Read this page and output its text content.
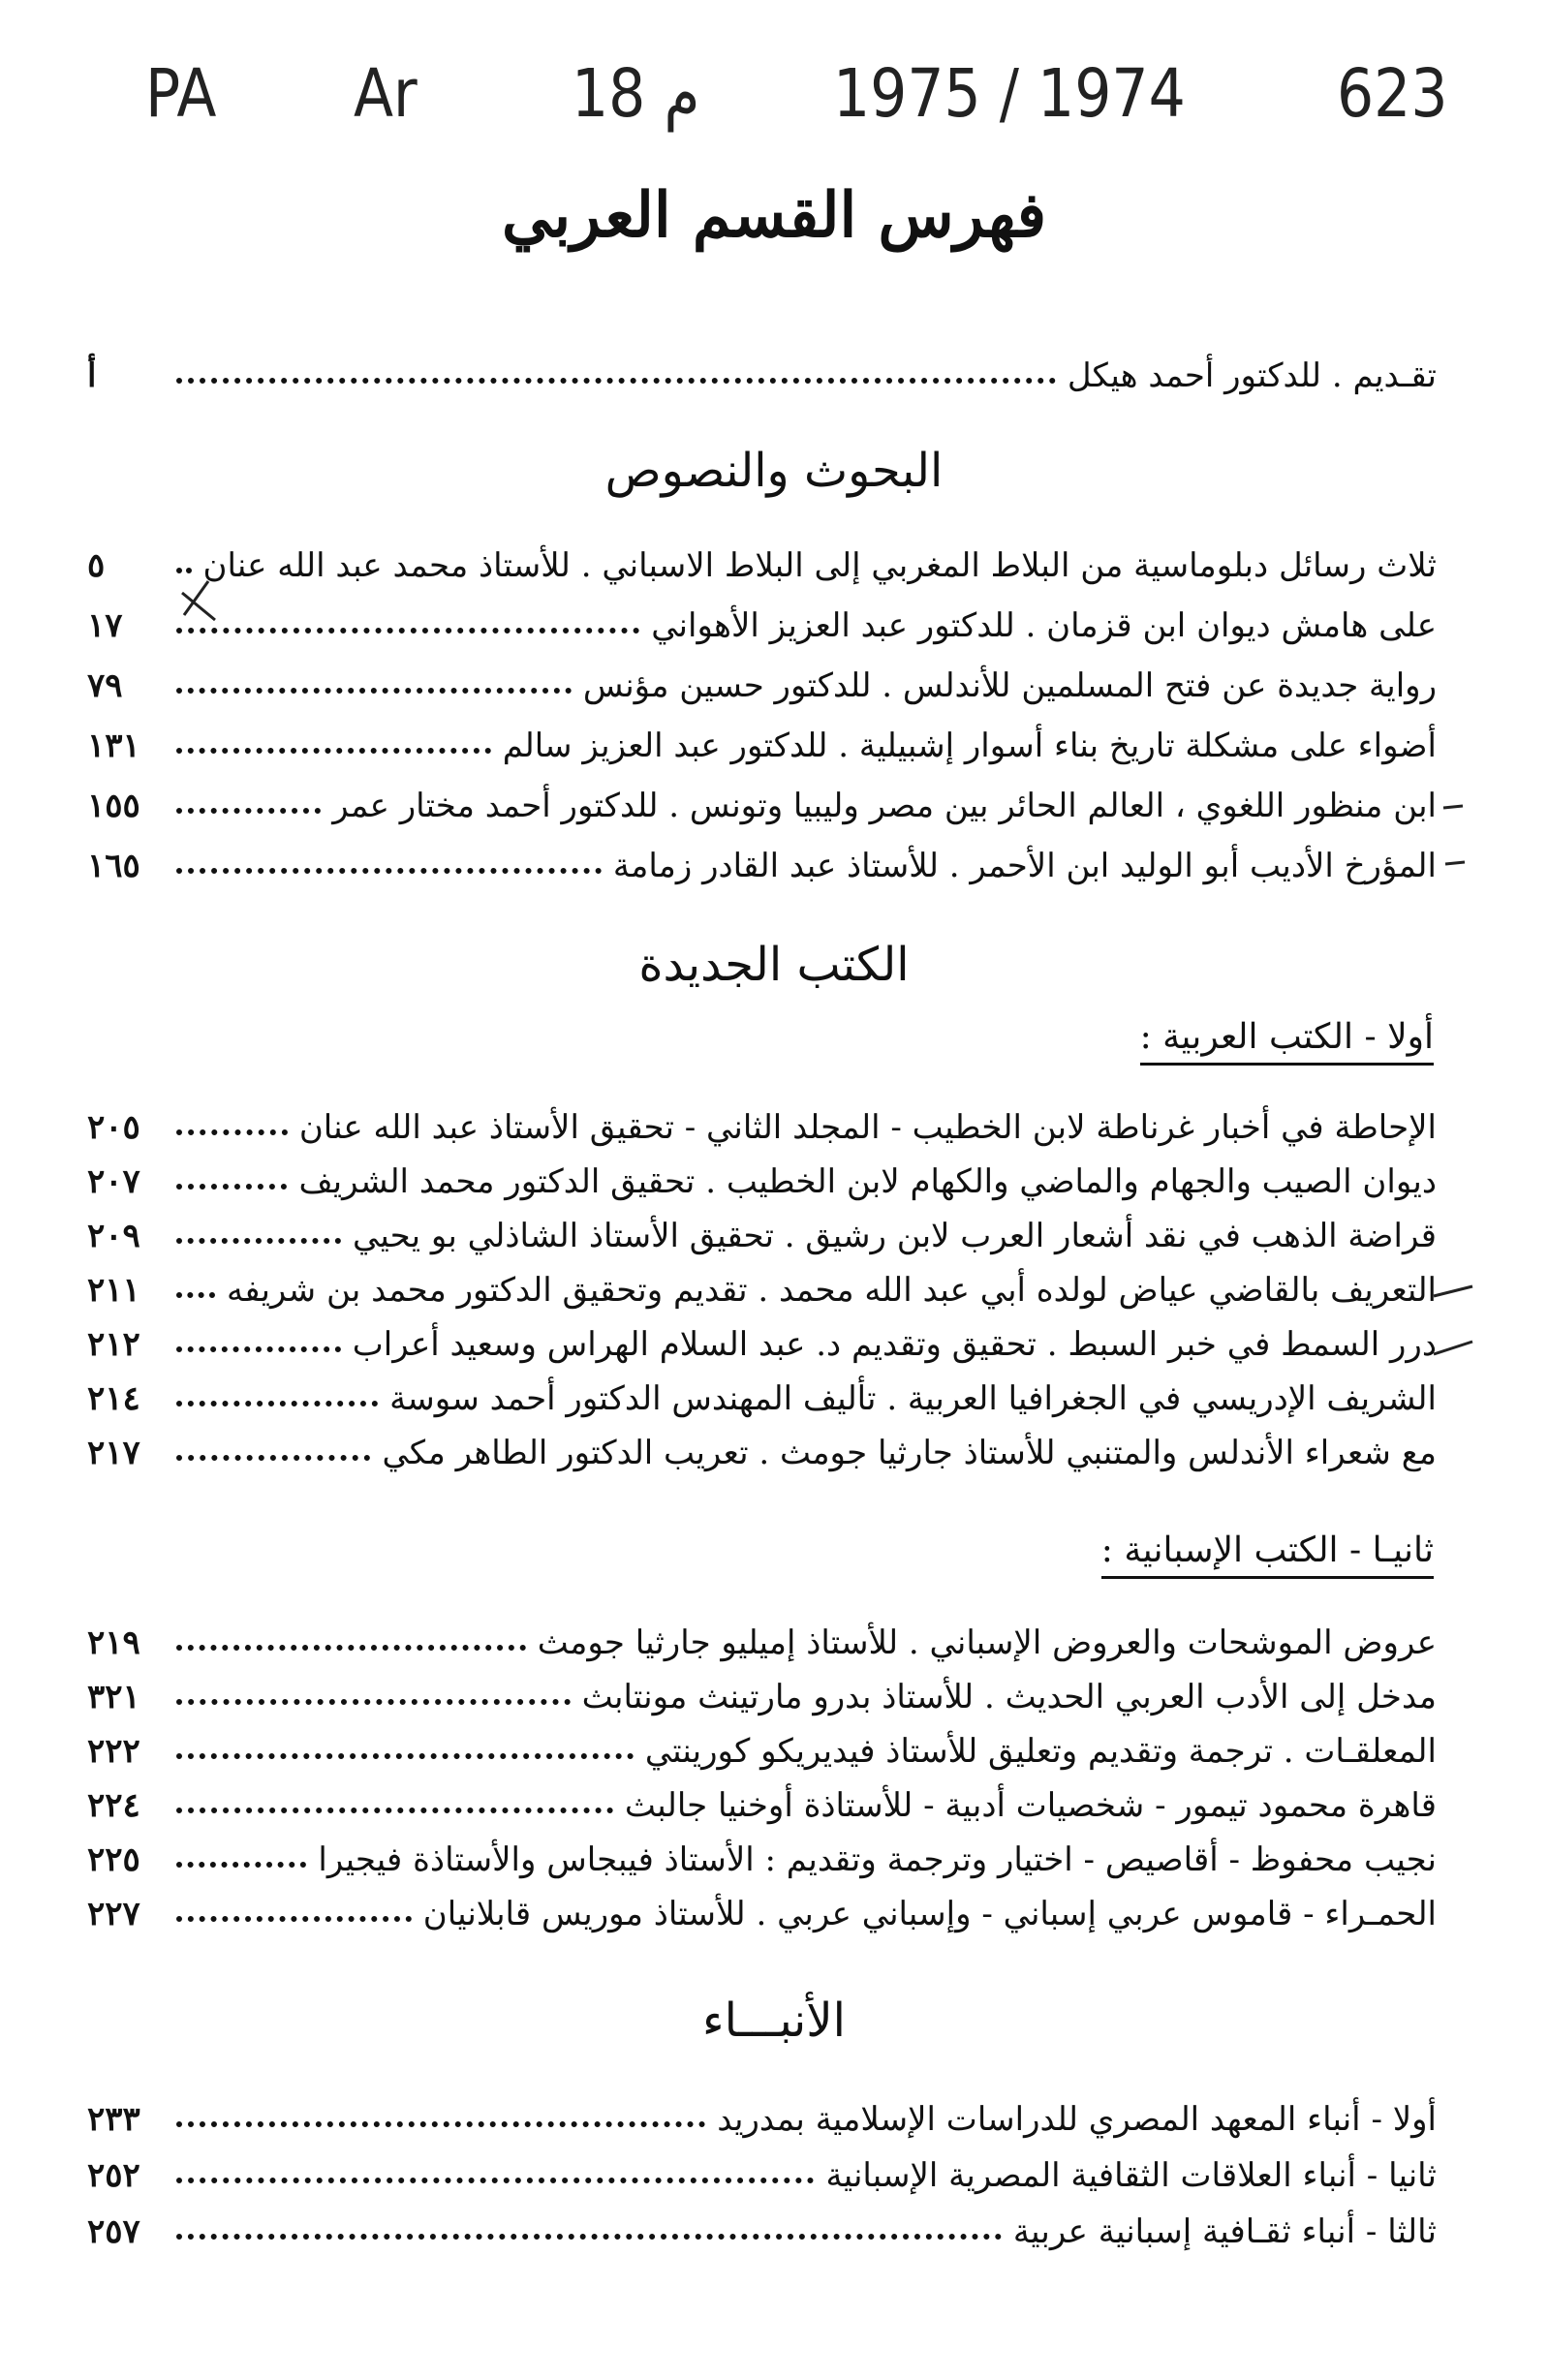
PA Ar	18 م 1975 / 1974	623
فهرس القسم العربي
تقـديم . للدكتور أحمد هيكل
أ
البحوث والنصوص
ثلاث رسائل دبلوماسية من البلاط المغربي إلى البلاط الاسباني . للأستاذ محمد عبد الله عنان
٥
على هامش ديوان ابن قزمان . للدكتور عبد العزيز الأهواني
١٧
رواية جديدة عن فتح المسلمين للأندلس . للدكتور حسين مؤنس
٧٩
أضواء على مشكلة تاريخ بناء أسوار إشبيلية . للدكتور عبد العزيز سالم
١٣١
ابن منظور اللغوي ، العالم الحائر بين مصر وليبيا وتونس . للدكتور أحمد مختار عمر
١٥٥
المؤرخ الأديب أبو الوليد ابن الأحمر . للأستاذ عبد القادر زمامة
١٦٥
الكتب الجديدة
أولا - الكتب العربية :
الإحاطة في أخبار غرناطة لابن الخطيب - المجلد الثاني - تحقيق الأستاذ عبد الله عنان
٢٠٥
ديوان الصيب والجهام والماضي والكهام لابن الخطيب . تحقيق الدكتور محمد الشريف
٢٠٧
قراضة الذهب في نقد أشعار العرب لابن رشيق . تحقيق الأستاذ الشاذلي بو يحيي
٢٠٩
التعريف بالقاضي عياض لولده أبي عبد الله محمد . تقديم وتحقيق الدكتور محمد بن شريفه
٢١١
درر السمط في خبر السبط . تحقيق وتقديم د. عبد السلام الهراس وسعيد أعراب
٢١٢
الشريف الإدريسي في الجغرافيا العربية . تأليف المهندس الدكتور أحمد سوسة
٢١٤
مع شعراء الأندلس والمتنبي للأستاذ جارثيا جومث . تعريب الدكتور الطاهر مكي
٢١٧
ثانيـا - الكتب الإسبانية :
عروض الموشحات والعروض الإسباني . للأستاذ إميليو جارثيا جومث
٢١٩
مدخل إلى الأدب العربي الحديث . للأستاذ بدرو مارتينث مونتابث
٣٢١
المعلقـات . ترجمة وتقديم وتعليق للأستاذ فيديريكو كورينتي
٢٢٢
قاهرة محمود تيمور - شخصيات أدبية - للأستاذة أوخنيا جالبث
٢٢٤
نجيب محفوظ - أقاصيص - اختيار وترجمة وتقديم : الأستاذ فيبجاس والأستاذة فيجيرا
٢٢٥
الحمـراء - قاموس عربي إسباني - وإسباني عربي . للأستاذ موريس قابلانيان
٢٢٧
الأنبـــاء
أولا - أنباء المعهد المصري للدراسات الإسلامية بمدريد
٢٣٣
ثانيا - أنباء العلاقات الثقافية المصرية الإسبانية
٢٥٢
ثالثا - أنباء ثقـافية إسبانية عربية
٢٥٧
